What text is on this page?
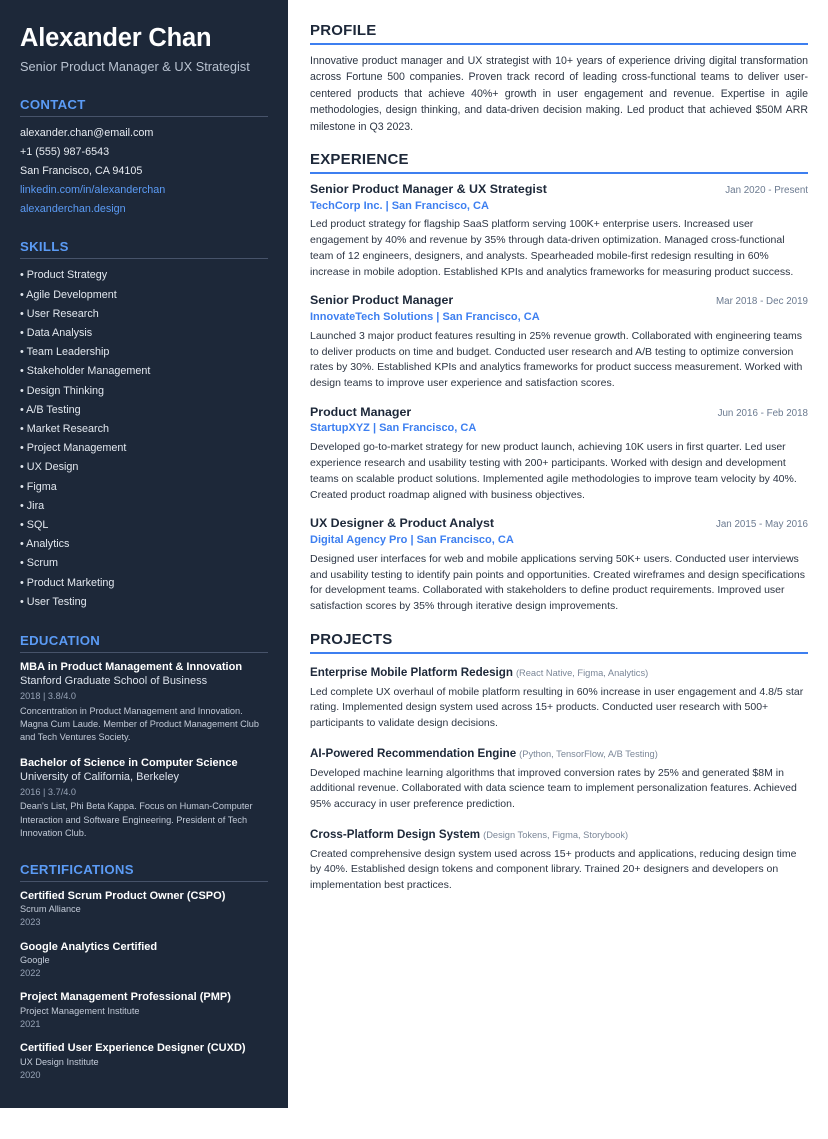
Alexander Chan
Senior Product Manager & UX Strategist
CONTACT
alexander.chan@email.com
+1 (555) 987-6543
San Francisco, CA 94105
linkedin.com/in/alexanderchan
alexanderchan.design
SKILLS
• Product Strategy
• Agile Development
• User Research
• Data Analysis
• Team Leadership
• Stakeholder Management
• Design Thinking
• A/B Testing
• Market Research
• Project Management
• UX Design
• Figma
• Jira
• SQL
• Analytics
• Scrum
• Product Marketing
• User Testing
EDUCATION
MBA in Product Management & Innovation
Stanford Graduate School of Business
2018 | 3.8/4.0
Concentration in Product Management and Innovation. Magna Cum Laude. Member of Product Management Club and Tech Ventures Society.
Bachelor of Science in Computer Science
University of California, Berkeley
2016 | 3.7/4.0
Dean's List, Phi Beta Kappa. Focus on Human-Computer Interaction and Software Engineering. President of Tech Innovation Club.
CERTIFICATIONS
Certified Scrum Product Owner (CSPO)
Scrum Alliance
2023
Google Analytics Certified
Google
2022
Project Management Professional (PMP)
Project Management Institute
2021
Certified User Experience Designer (CUXD)
UX Design Institute
2020
PROFILE

Innovative product manager and UX strategist with 10+ years of experience driving digital transformation across Fortune 500 companies. Proven track record of leading cross-functional teams to deliver user-centered products that achieve 40%+ growth in user engagement and revenue. Expertise in agile methodologies, design thinking, and data-driven decision making. Led product that achieved $50M ARR milestone in Q3 2023.

EXPERIENCE
Senior Product Manager & UX Strategist	Jan 2020 - Present
TechCorp Inc. | San Francisco, CA

Led product strategy for flagship SaaS platform serving 100K+ enterprise users. Increased user engagement by 40% and revenue by 35% through data-driven optimization. Managed cross-functional team of 12 engineers, designers, and analysts. Spearheaded mobile-first redesign resulting in 60% increase in mobile adoption. Established KPIs and analytics frameworks for measuring product success.

Senior Product Manager	Mar 2018 - Dec 2019
InnovateTech Solutions | San Francisco, CA

Launched 3 major product features resulting in 25% revenue growth. Collaborated with engineering teams to deliver products on time and budget. Conducted user research and A/B testing to optimize conversion rates by 30%. Established KPIs and analytics frameworks for product success measurement. Worked with design teams to improve user experience and satisfaction scores.

Product Manager	Jun 2016 - Feb 2018
StartupXYZ | San Francisco, CA

Developed go-to-market strategy for new product launch, achieving 10K users in first quarter. Led user experience research and usability testing with 200+ participants. Worked with design and development teams on scalable product solutions. Implemented agile methodologies to improve team velocity by 40%. Created product roadmap aligned with business objectives.

UX Designer & Product Analyst	Jan 2015 - May 2016
Digital Agency Pro | San Francisco, CA

Designed user interfaces for web and mobile applications serving 50K+ users. Conducted user interviews and usability testing to identify pain points and opportunities. Created wireframes and design specifications for development teams. Collaborated with stakeholders to define product requirements. Improved user satisfaction scores by 35% through iterative design improvements.

PROJECTS
Enterprise Mobile Platform Redesign (React Native, Figma, Analytics)

Led complete UX overhaul of mobile platform resulting in 60% increase in user engagement and 4.8/5 star rating. Implemented design system used across 15+ products. Conducted user research with 500+ participants to validate design decisions.

AI-Powered Recommendation Engine (Python, TensorFlow, A/B Testing)

Developed machine learning algorithms that improved conversion rates by 25% and generated $8M in additional revenue. Collaborated with data science team to implement personalization features. Achieved 95% accuracy in user preference prediction.

Cross-Platform Design System (Design Tokens, Figma, Storybook)

Created comprehensive design system used across 15+ products and applications, reducing design time by 40%. Established design tokens and component library. Trained 20+ designers and developers on implementation best practices.
